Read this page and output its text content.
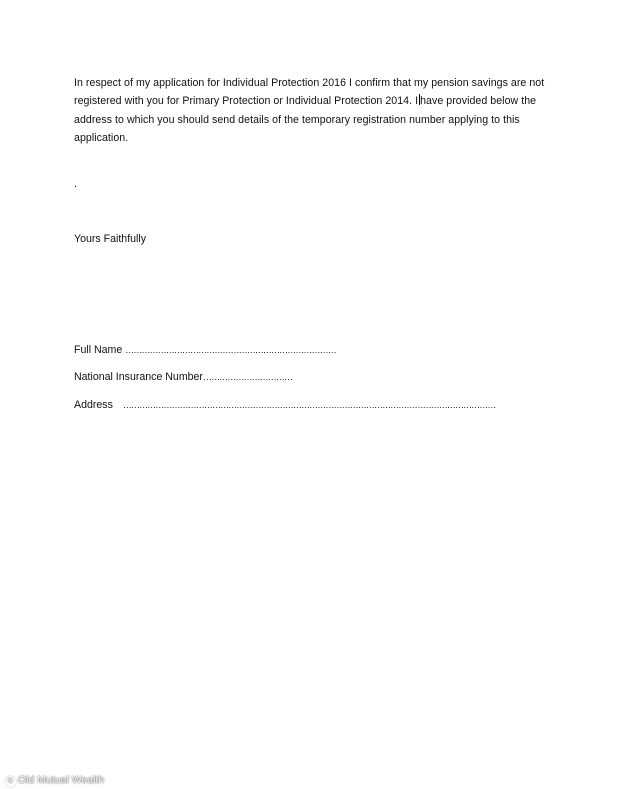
In respect of my application for Individual Protection 2016 I confirm that my pension savings are not registered with you for Primary Protection or Individual Protection 2014. I have provided below the address to which you should send details of the temporary registration number applying to this application.

.

Yours Faithfully

Full Name ……………………………………………………………………

National Insurance Number……………………………

Address …………………………………………………………………………………………………………………………

© Old Mutual Wealth
